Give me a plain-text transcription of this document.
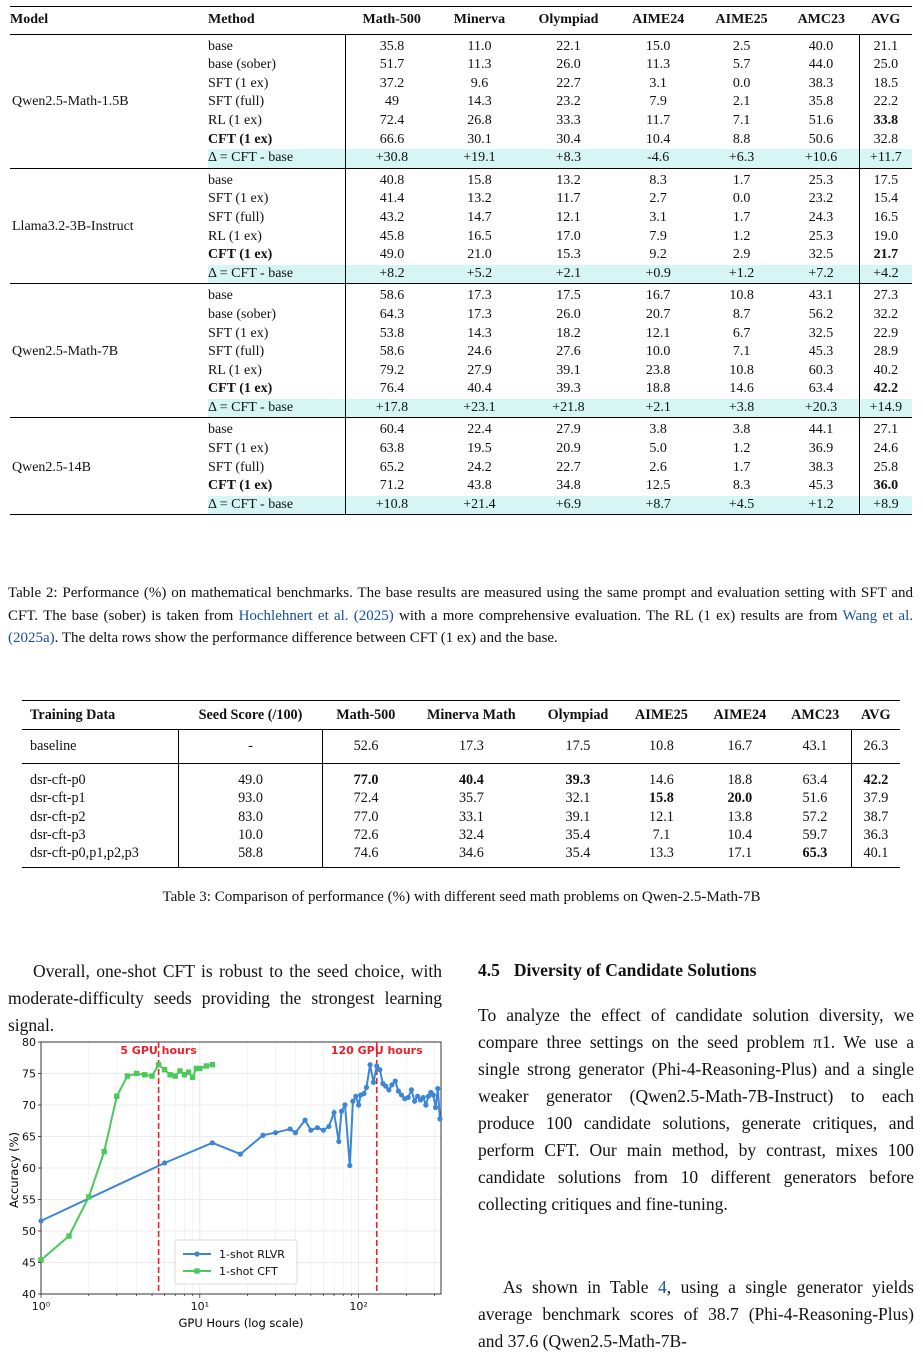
Model	Method	Math-500	Minerva	Olympiad	AIME24	AIME25	AMC23	AVG
Qwen2.5-Math-1.5B	base	35.8	11.0	22.1	15.0	2.5	40.0	21.1
	base (sober)	51.7	11.3	26.0	11.3	5.7	44.0	25.0
	SFT (1 ex)	37.2	9.6	22.7	3.1	0.0	38.3	18.5
	SFT (full)	49	14.3	23.2	7.9	2.1	35.8	22.2
	RL (1 ex)	72.4	26.8	33.3	11.7	7.1	51.6	33.8
	CFT (1 ex)	66.6	30.1	30.4	10.4	8.8	50.6	32.8
	Δ = CFT - base	+30.8	+19.1	+8.3	-4.6	+6.3	+10.6	+11.7
Llama3.2-3B-Instruct	base	40.8	15.8	13.2	8.3	1.7	25.3	17.5
	SFT (1 ex)	41.4	13.2	11.7	2.7	0.0	23.2	15.4
	SFT (full)	43.2	14.7	12.1	3.1	1.7	24.3	16.5
	RL (1 ex)	45.8	16.5	17.0	7.9	1.2	25.3	19.0
	CFT (1 ex)	49.0	21.0	15.3	9.2	2.9	32.5	21.7
	Δ = CFT - base	+8.2	+5.2	+2.1	+0.9	+1.2	+7.2	+4.2
Qwen2.5-Math-7B	base	58.6	17.3	17.5	16.7	10.8	43.1	27.3
	base (sober)	64.3	17.3	26.0	20.7	8.7	56.2	32.2
	SFT (1 ex)	53.8	14.3	18.2	12.1	6.7	32.5	22.9
	SFT (full)	58.6	24.6	27.6	10.0	7.1	45.3	28.9
	RL (1 ex)	79.2	27.9	39.1	23.8	10.8	60.3	40.2
	CFT (1 ex)	76.4	40.4	39.3	18.8	14.6	63.4	42.2
	Δ = CFT - base	+17.8	+23.1	+21.8	+2.1	+3.8	+20.3	+14.9
Qwen2.5-14B	base	60.4	22.4	27.9	3.8	3.8	44.1	27.1
	SFT (1 ex)	63.8	19.5	20.9	5.0	1.2	36.9	24.6
	SFT (full)	65.2	24.2	22.7	2.6	1.7	38.3	25.8
	CFT (1 ex)	71.2	43.8	34.8	12.5	8.3	45.3	36.0
	Δ = CFT - base	+10.8	+21.4	+6.9	+8.7	+4.5	+1.2	+8.9
Table 2: Performance (%) on mathematical benchmarks. The base results are measured using the same prompt and evaluation setting with SFT and CFT. The base (sober) is taken from Hochlehnert et al. (2025) with a more comprehensive evaluation. The RL (1 ex) results are from Wang et al. (2025a). The delta rows show the performance difference between CFT (1 ex) and the base.
Training Data	Seed Score (/100)	Math-500	Minerva Math	Olympiad	AIME25	AIME24	AMC23	AVG
baseline	-	52.6	17.3	17.5	10.8	16.7	43.1	26.3
dsr-cft-p0	49.0	77.0	40.4	39.3	14.6	18.8	63.4	42.2
dsr-cft-p1	93.0	72.4	35.7	32.1	15.8	20.0	51.6	37.9
dsr-cft-p2	83.0	77.0	33.1	39.1	12.1	13.8	57.2	38.7
dsr-cft-p3	10.0	72.6	32.4	35.4	7.1	10.4	59.7	36.3
dsr-cft-p0,p1,p2,p3	58.8	74.6	34.6	35.4	13.3	17.1	65.3	40.1
Table 3: Comparison of performance (%) with different seed math problems on Qwen-2.5-Math-7B
Overall, one-shot CFT is robust to the seed choice, with moderate-difficulty seeds providing the strongest learning signal.
4.5 Diversity of Candidate Solutions
To analyze the effect of candidate solution diversity, we compare three settings on the seed problem π1. We use a single strong generator (Phi-4-Reasoning-Plus) and a single weaker generator (Qwen2.5-Math-7B-Instruct) to each produce 100 candidate solutions, generate critiques, and perform CFT. Our main method, by contrast, mixes 100 candidate solutions from 10 different generators before collecting critiques and fine-tuning.
As shown in Table 4, using a single generator yields average benchmark scores of 38.7 (Phi-4-Reasoning-Plus) and 37.6 (Qwen2.5-Math-7B-
5 GPU hours	120 GPU hours
40
45
50
55
60
65
70
75
80
10⁰	10¹	10²
1-shot RLVR
1-shot CFT
GPU Hours (log scale)
Accuracy (%)
